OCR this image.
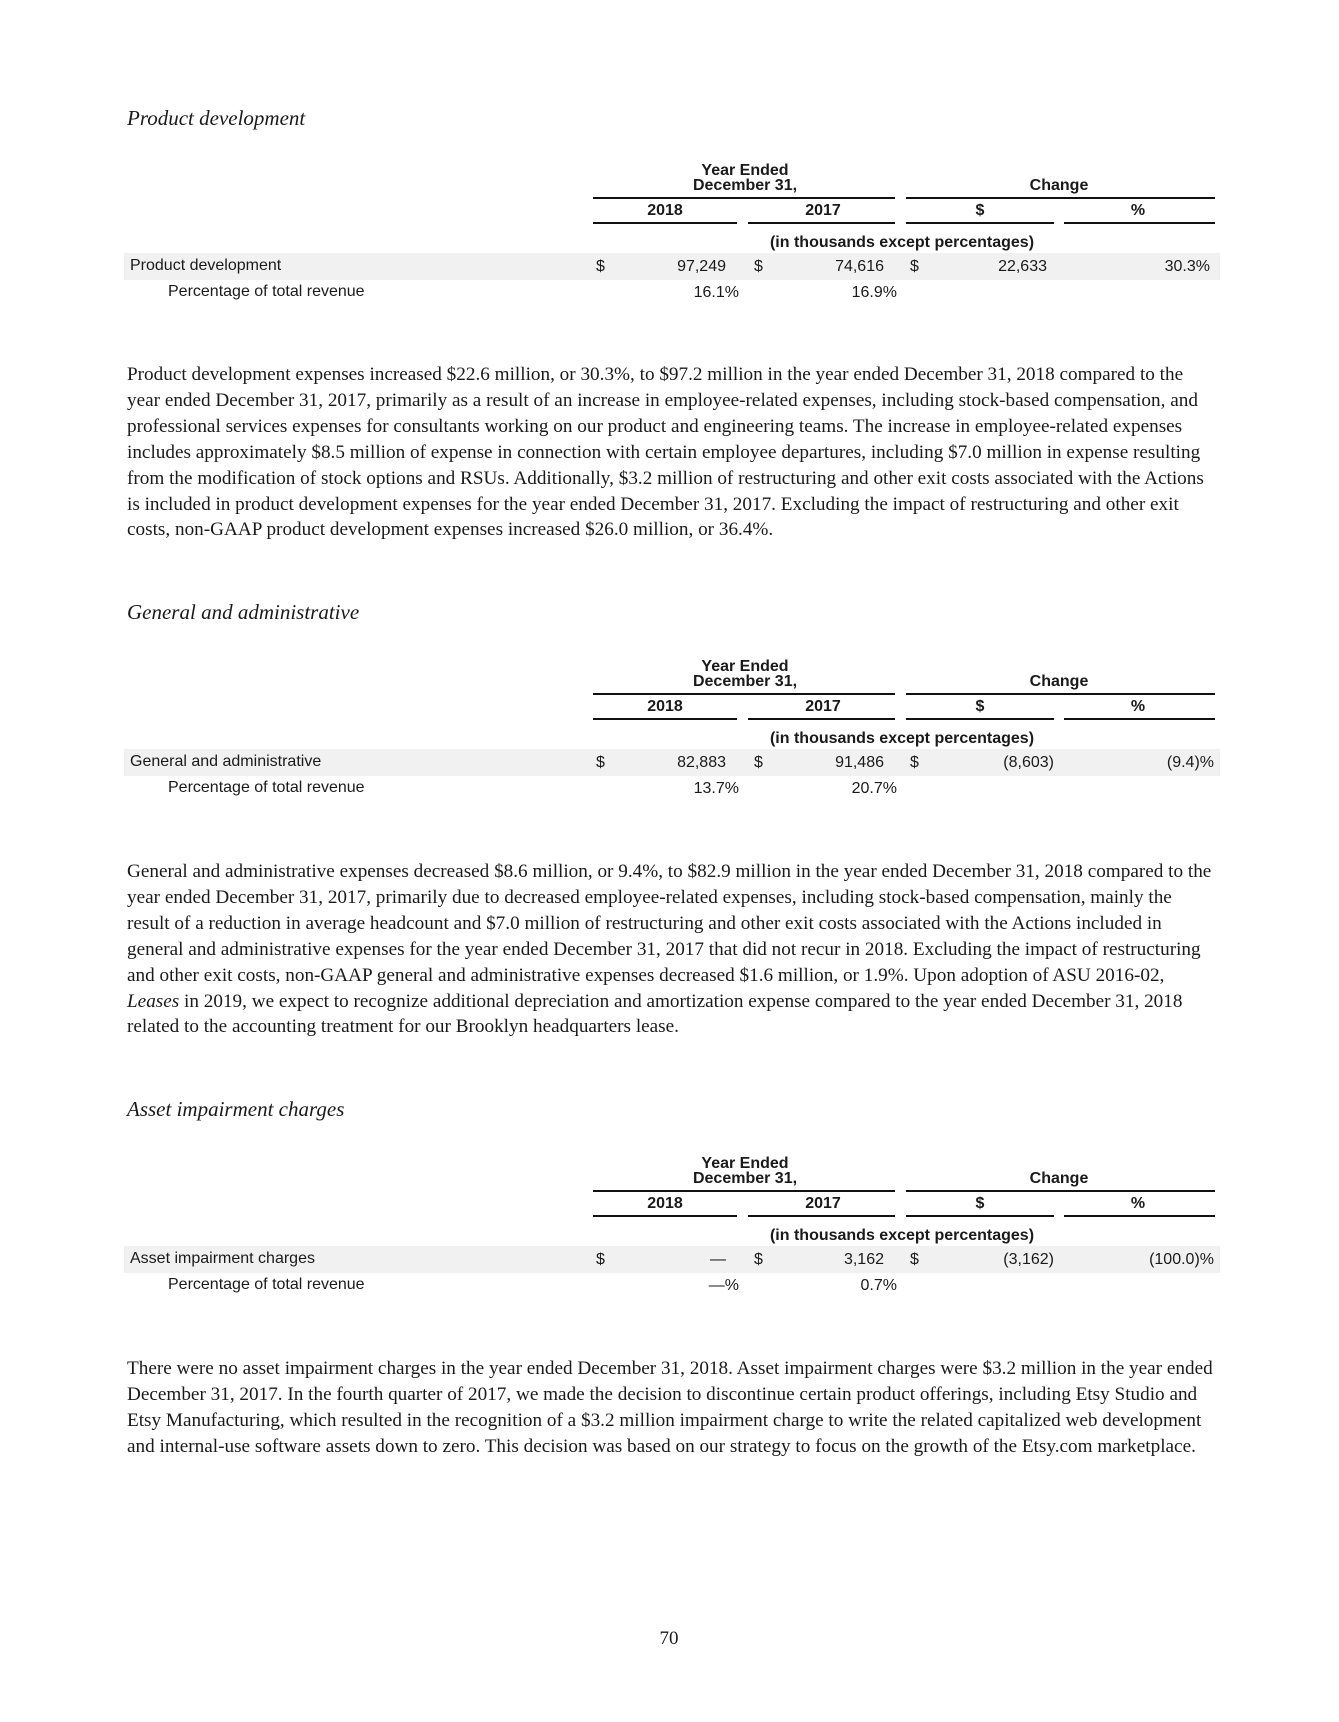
Product development
Year Ended
December 31,	Change
2018	2017	$	%
(in thousands except percentages)
Product development	$	97,249 $	74,616 $	22,633	30.3%
Percentage of total revenue	16.1%	16.9%

Product development expenses increased $22.6 million, or 30.3%, to $97.2 million in the year ended December 31, 2018 compared to the year ended December 31, 2017, primarily as a result of an increase in employee-related expenses, including stock-based compensation, and professional services expenses for consultants working on our product and engineering teams. The increase in employee-related expenses includes approximately $8.5 million of expense in connection with certain employee departures, including $7.0 million in expense resulting from the modification of stock options and RSUs. Additionally, $3.2 million of restructuring and other exit costs associated with the Actions is included in product development expenses for the year ended December 31, 2017. Excluding the impact of restructuring and other exit costs, non-GAAP product development expenses increased $26.0 million, or 36.4%.

General and administrative
Year Ended
December 31,	Change
2018	2017	$	%
(in thousands except percentages)
General and administrative	$	82,883 $	91,486 $	(8,603)	(9.4)%
Percentage of total revenue	13.7%	20.7%

General and administrative expenses decreased $8.6 million, or 9.4%, to $82.9 million in the year ended December 31, 2018 compared to the year ended December 31, 2017, primarily due to decreased employee-related expenses, including stock-based compensation, mainly the result of a reduction in average headcount and $7.0 million of restructuring and other exit costs associated with the Actions included in general and administrative expenses for the year ended December 31, 2017 that did not recur in 2018. Excluding the impact of restructuring and other exit costs, non-GAAP general and administrative expenses decreased $1.6 million, or 1.9%. Upon adoption of ASU 2016-02, Leases in 2019, we expect to recognize additional depreciation and amortization expense compared to the year ended December 31, 2018 related to the accounting treatment for our Brooklyn headquarters lease.

Asset impairment charges
Year Ended
December 31,	Change
2018	2017	$	%
(in thousands except percentages)
Asset impairment charges	$	— $	3,162 $	(3,162)	(100.0)%
Percentage of total revenue	—%	0.7%

There were no asset impairment charges in the year ended December 31, 2018. Asset impairment charges were $3.2 million in the year ended December 31, 2017. In the fourth quarter of 2017, we made the decision to discontinue certain product offerings, including Etsy Studio and Etsy Manufacturing, which resulted in the recognition of a $3.2 million impairment charge to write the related capitalized web development and internal-use software assets down to zero. This decision was based on our strategy to focus on the growth of the Etsy.com marketplace.

70
